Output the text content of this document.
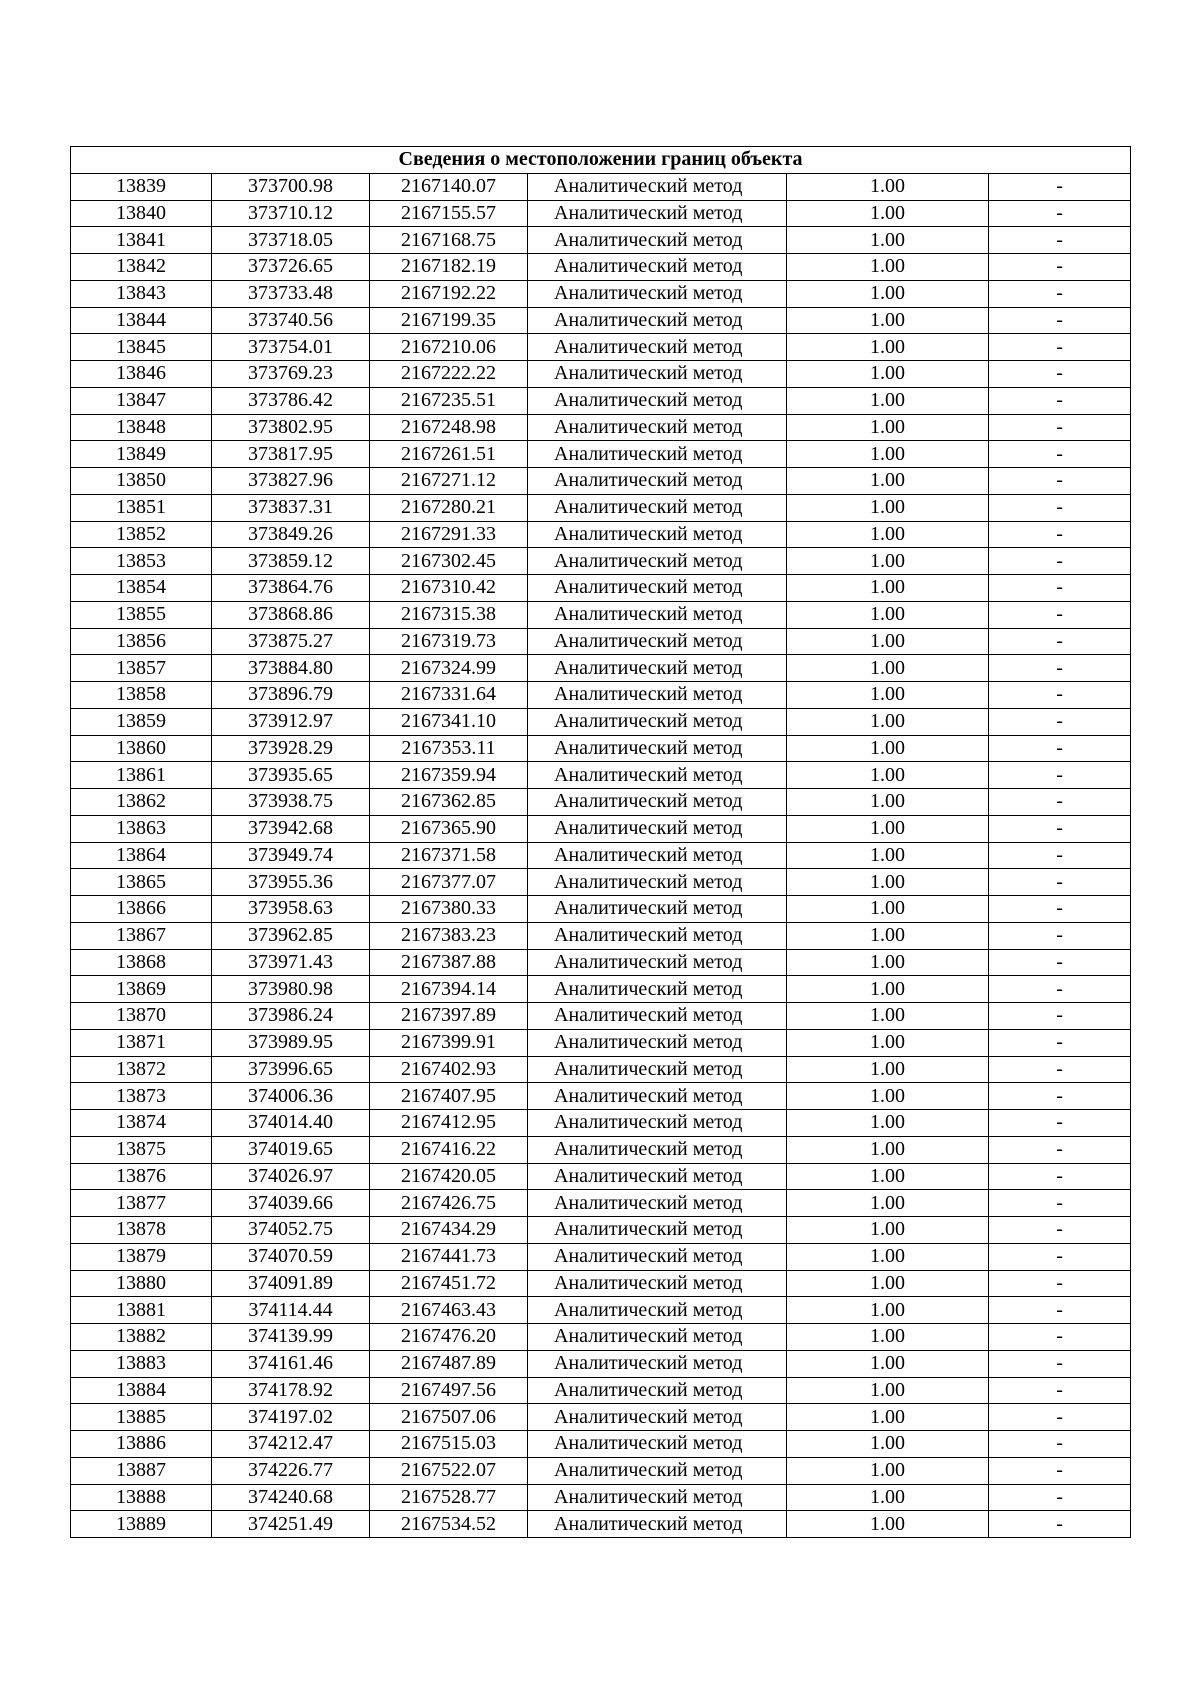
Сведения о местоположении границ объекта					
13839	373700.98	2167140.07	Аналитический метод	1.00	-
13840	373710.12	2167155.57	Аналитический метод	1.00	-
13841	373718.05	2167168.75	Аналитический метод	1.00	-
13842	373726.65	2167182.19	Аналитический метод	1.00	-
13843	373733.48	2167192.22	Аналитический метод	1.00	-
13844	373740.56	2167199.35	Аналитический метод	1.00	-
13845	373754.01	2167210.06	Аналитический метод	1.00	-
13846	373769.23	2167222.22	Аналитический метод	1.00	-
13847	373786.42	2167235.51	Аналитический метод	1.00	-
13848	373802.95	2167248.98	Аналитический метод	1.00	-
13849	373817.95	2167261.51	Аналитический метод	1.00	-
13850	373827.96	2167271.12	Аналитический метод	1.00	-
13851	373837.31	2167280.21	Аналитический метод	1.00	-
13852	373849.26	2167291.33	Аналитический метод	1.00	-
13853	373859.12	2167302.45	Аналитический метод	1.00	-
13854	373864.76	2167310.42	Аналитический метод	1.00	-
13855	373868.86	2167315.38	Аналитический метод	1.00	-
13856	373875.27	2167319.73	Аналитический метод	1.00	-
13857	373884.80	2167324.99	Аналитический метод	1.00	-
13858	373896.79	2167331.64	Аналитический метод	1.00	-
13859	373912.97	2167341.10	Аналитический метод	1.00	-
13860	373928.29	2167353.11	Аналитический метод	1.00	-
13861	373935.65	2167359.94	Аналитический метод	1.00	-
13862	373938.75	2167362.85	Аналитический метод	1.00	-
13863	373942.68	2167365.90	Аналитический метод	1.00	-
13864	373949.74	2167371.58	Аналитический метод	1.00	-
13865	373955.36	2167377.07	Аналитический метод	1.00	-
13866	373958.63	2167380.33	Аналитический метод	1.00	-
13867	373962.85	2167383.23	Аналитический метод	1.00	-
13868	373971.43	2167387.88	Аналитический метод	1.00	-
13869	373980.98	2167394.14	Аналитический метод	1.00	-
13870	373986.24	2167397.89	Аналитический метод	1.00	-
13871	373989.95	2167399.91	Аналитический метод	1.00	-
13872	373996.65	2167402.93	Аналитический метод	1.00	-
13873	374006.36	2167407.95	Аналитический метод	1.00	-
13874	374014.40	2167412.95	Аналитический метод	1.00	-
13875	374019.65	2167416.22	Аналитический метод	1.00	-
13876	374026.97	2167420.05	Аналитический метод	1.00	-
13877	374039.66	2167426.75	Аналитический метод	1.00	-
13878	374052.75	2167434.29	Аналитический метод	1.00	-
13879	374070.59	2167441.73	Аналитический метод	1.00	-
13880	374091.89	2167451.72	Аналитический метод	1.00	-
13881	374114.44	2167463.43	Аналитический метод	1.00	-
13882	374139.99	2167476.20	Аналитический метод	1.00	-
13883	374161.46	2167487.89	Аналитический метод	1.00	-
13884	374178.92	2167497.56	Аналитический метод	1.00	-
13885	374197.02	2167507.06	Аналитический метод	1.00	-
13886	374212.47	2167515.03	Аналитический метод	1.00	-
13887	374226.77	2167522.07	Аналитический метод	1.00	-
13888	374240.68	2167528.77	Аналитический метод	1.00	-
13889	374251.49	2167534.52	Аналитический метод	1.00	-
